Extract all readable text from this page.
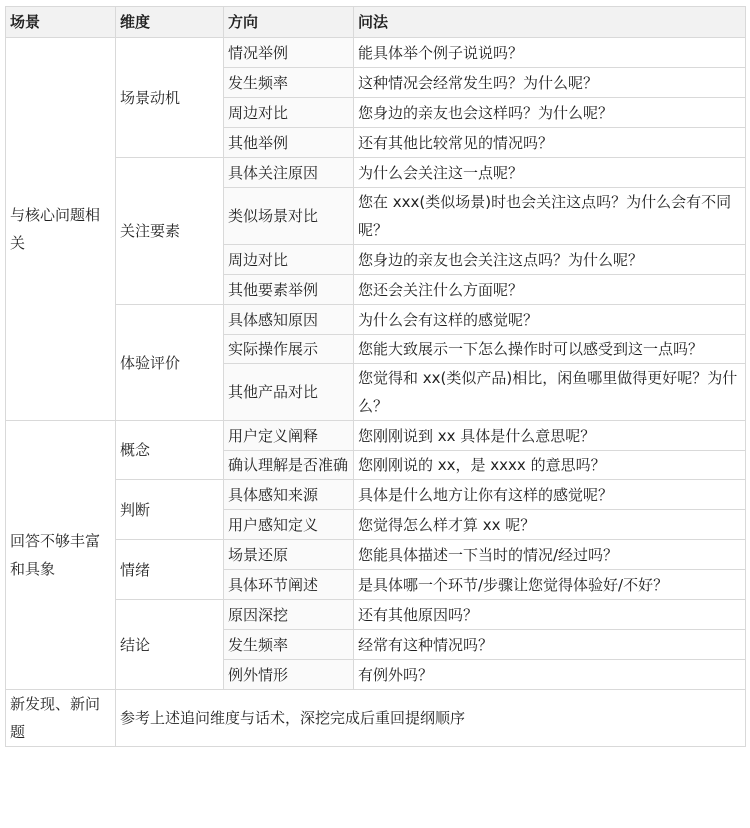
场景	维度	方向	问法
与核心问题相关	场景动机	情况举例	能具体举个例子说说吗？
		发生频率	这种情况会经常发生吗？为什么呢？
		周边对比	您身边的亲友也会这样吗？为什么呢？
		其他举例	还有其他比较常见的情况吗？
	关注要素	具体关注原因	为什么会关注这一点呢？
		类似场景对比	您在 xxx(类似场景)时也会关注这点吗？为什么会有不同呢？
		周边对比	您身边的亲友也会关注这点吗？为什么呢？
		其他要素举例	您还会关注什么方面呢？
	体验评价	具体感知原因	为什么会有这样的感觉呢？
		实际操作展示	您能大致展示一下怎么操作时可以感受到这一点吗？
		其他产品对比	您觉得和 xx(类似产品)相比，闲鱼哪里做得更好呢？为什么？
回答不够丰富和具象	概念	用户定义阐释	您刚刚说到 xx 具体是什么意思呢？
		确认理解是否准确	您刚刚说的 xx，是 xxxx 的意思吗？
	判断	具体感知来源	具体是什么地方让你有这样的感觉呢？
		用户感知定义	您觉得怎么样才算 xx 呢？
	情绪	场景还原	您能具体描述一下当时的情况/经过吗？
		具体环节阐述	是具体哪一个环节/步骤让您觉得体验好/不好？
	结论	原因深挖	还有其他原因吗？
		发生频率	经常有这种情况吗？
		例外情形	有例外吗？
新发现、新问题	参考上述追问维度与话术，深挖完成后重回提纲顺序		
